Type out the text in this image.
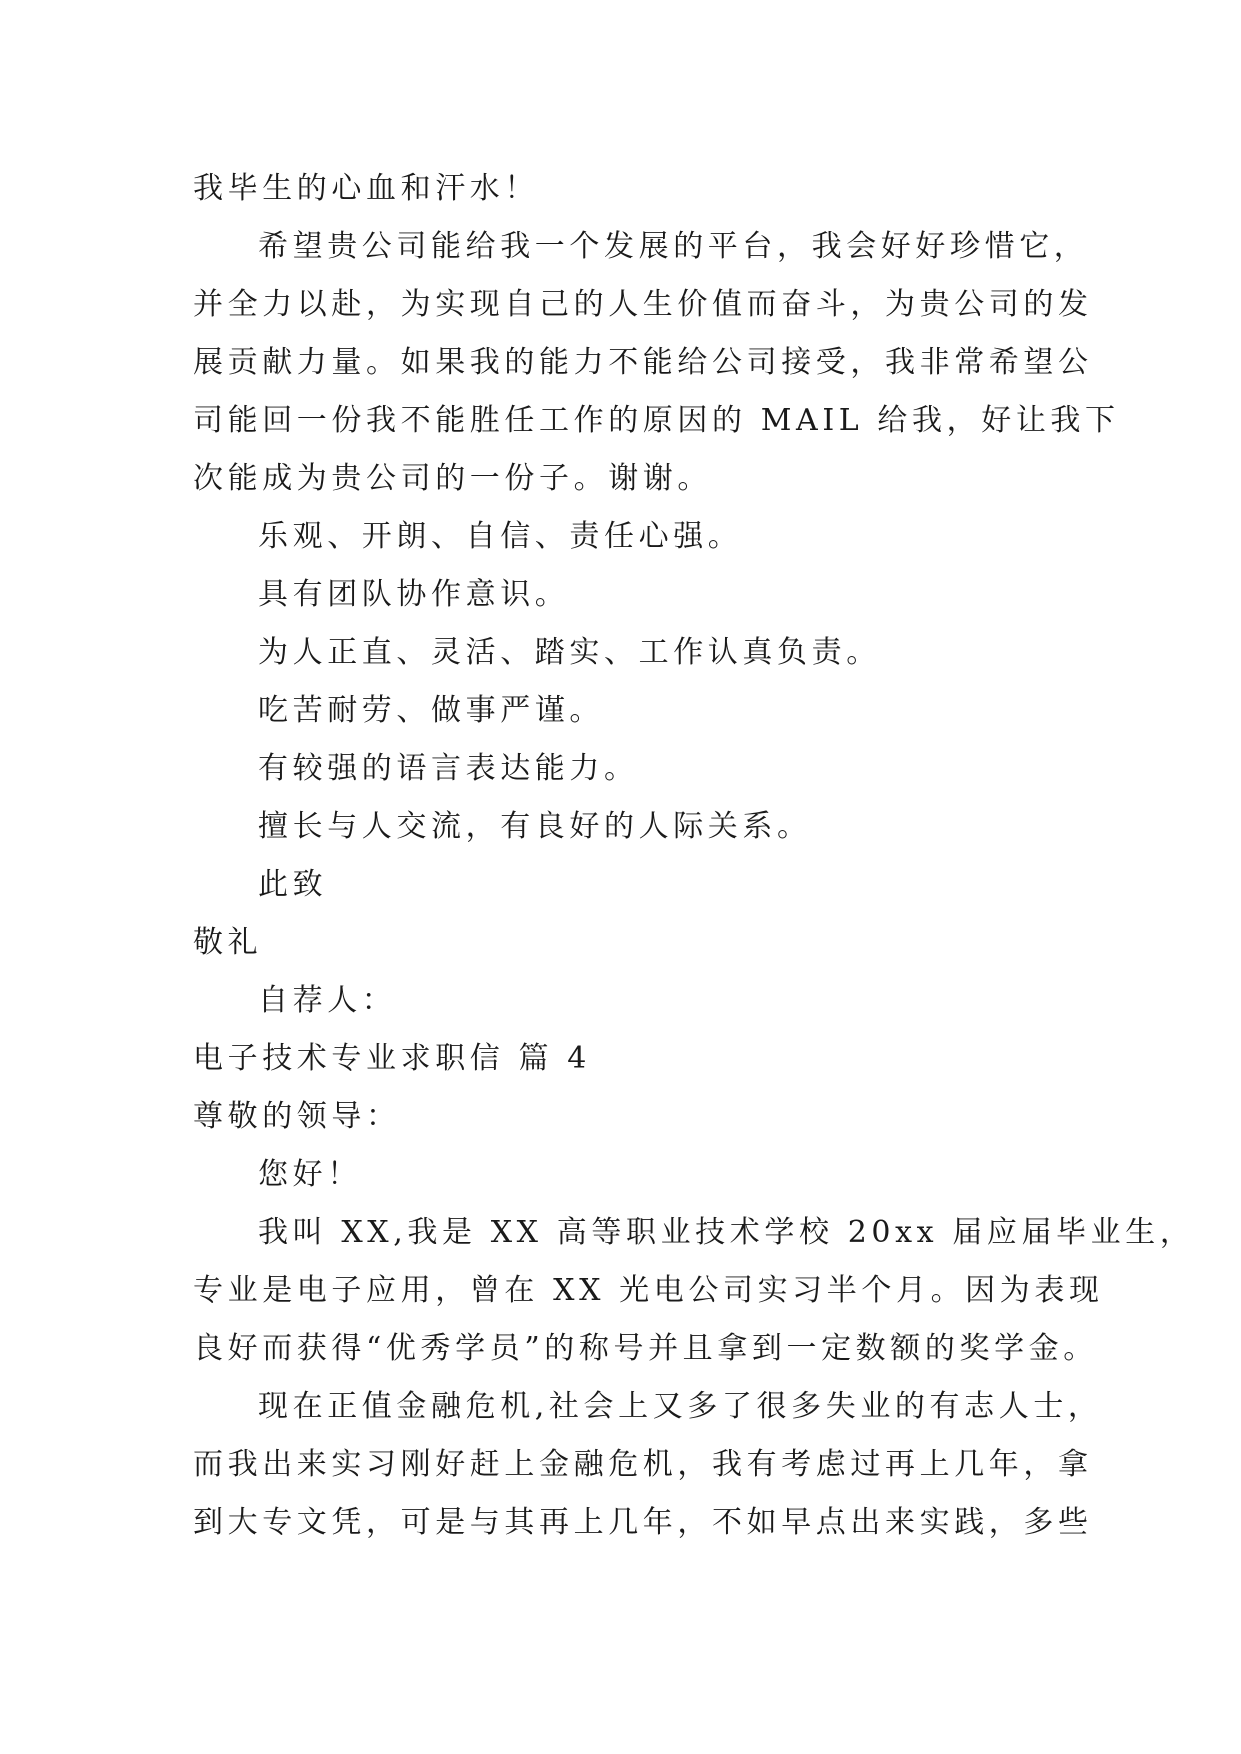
我毕生的心血和汗水！
希望贵公司能给我一个发展的平台，我会好好珍惜它，
并全力以赴，为实现自己的人生价值而奋斗，为贵公司的发
展贡献力量。如果我的能力不能给公司接受，我非常希望公
司能回一份我不能胜任工作的原因的 MAIL 给我，好让我下
次能成为贵公司的一份子。谢谢。
乐观、开朗、自信、责任心强。
具有团队协作意识。
为人正直、灵活、踏实、工作认真负责。
吃苦耐劳、做事严谨。
有较强的语言表达能力。
擅长与人交流，有良好的人际关系。
此致
敬礼
自荐人：
电子技术专业求职信 篇 4
尊敬的领导：
您好！
我叫 XX,我是 XX 高等职业技术学校 20xx 届应届毕业生，
专业是电子应用，曾在 XX 光电公司实习半个月。因为表现
良好而获得“优秀学员”的称号并且拿到一定数额的奖学金。
现在正值金融危机,社会上又多了很多失业的有志人士，
而我出来实习刚好赶上金融危机，我有考虑过再上几年，拿
到大专文凭，可是与其再上几年，不如早点出来实践，多些
